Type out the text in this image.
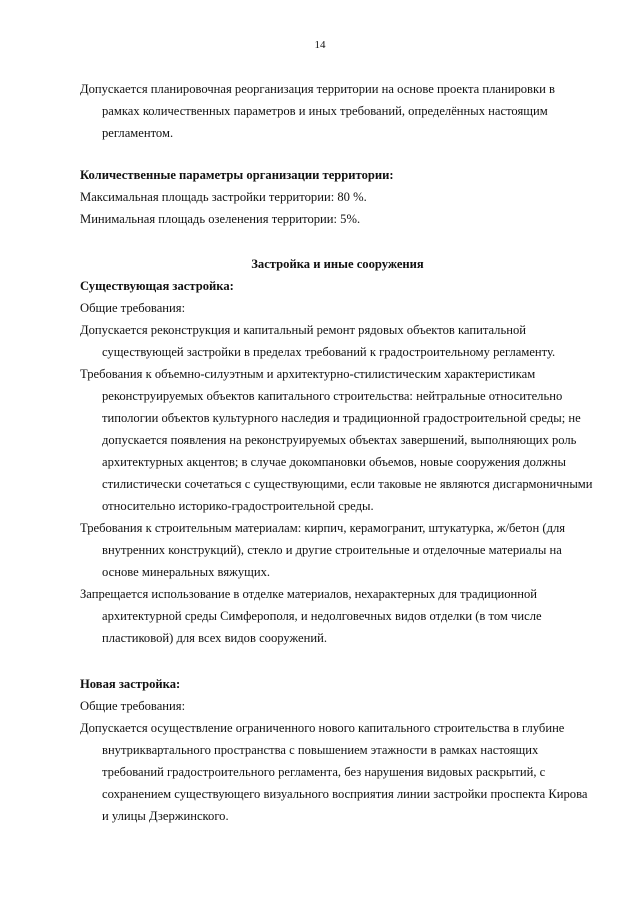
14

Допускается планировочная реорганизация территории на основе проекта планировки в рамках количественных параметров и иных требований, определённых настоящим регламентом.

Количественные параметры организации территории:

Максимальная площадь застройки территории: 80 %.

Минимальная площадь озеленения территории: 5%.

Застройка и иные сооружения

Существующая застройка:

Общие требования:

Допускается реконструкция и капитальный ремонт рядовых объектов капитальной существующей застройки в пределах требований к градостроительному регламенту.

Требования к объемно-силуэтным и архитектурно-стилистическим характеристикам реконструируемых объектов капитального строительства: нейтральные относительно типологии объектов культурного наследия и традиционной градостроительной среды; не допускается появления на реконструируемых объектах завершений, выполняющих роль архитектурных акцентов; в случае докомпановки объемов, новые сооружения должны стилистически сочетаться с существующими, если таковые не являются дисгармоничными относительно историко-градостроительной среды.

Требования к строительным материалам: кирпич, керамогранит, штукатурка, ж/бетон (для внутренних конструкций), стекло и другие строительные и отделочные материалы на основе минеральных вяжущих.

Запрещается использование в отделке материалов, нехарактерных для традиционной архитектурной среды Симферополя, и недолговечных видов отделки (в том числе пластиковой) для всех видов сооружений.

Новая застройка:

Общие требования:

Допускается осуществление ограниченного нового капитального строительства в глубине внутриквартального пространства с повышением этажности в рамках настоящих требований градостроительного регламента, без нарушения видовых раскрытий, с сохранением существующего визуального восприятия линии застройки проспекта Кирова и улицы Дзержинского.
